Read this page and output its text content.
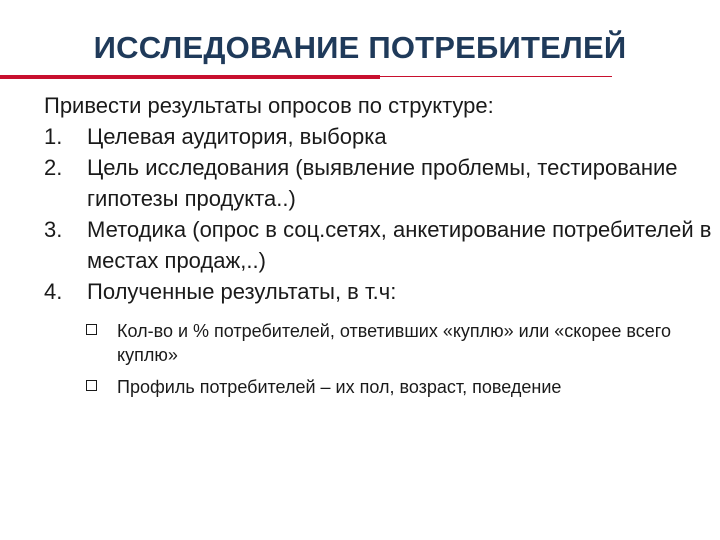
ИССЛЕДОВАНИЕ ПОТРЕБИТЕЛЕЙ

Привести результаты опросов по структуре:

1. Целевая аудитория, выборка
2. Цель исследования (выявление проблемы, тестирование гипотезы продукта..)
3. Методика (опрос в соц.сетях, анкетирование потребителей в местах продаж,..)
4. Полученные результаты, в т.ч:
Кол-во и % потребителей, ответивших «куплю» или «скорее всего куплю»
Профиль потребителей – их пол, возраст, поведение
